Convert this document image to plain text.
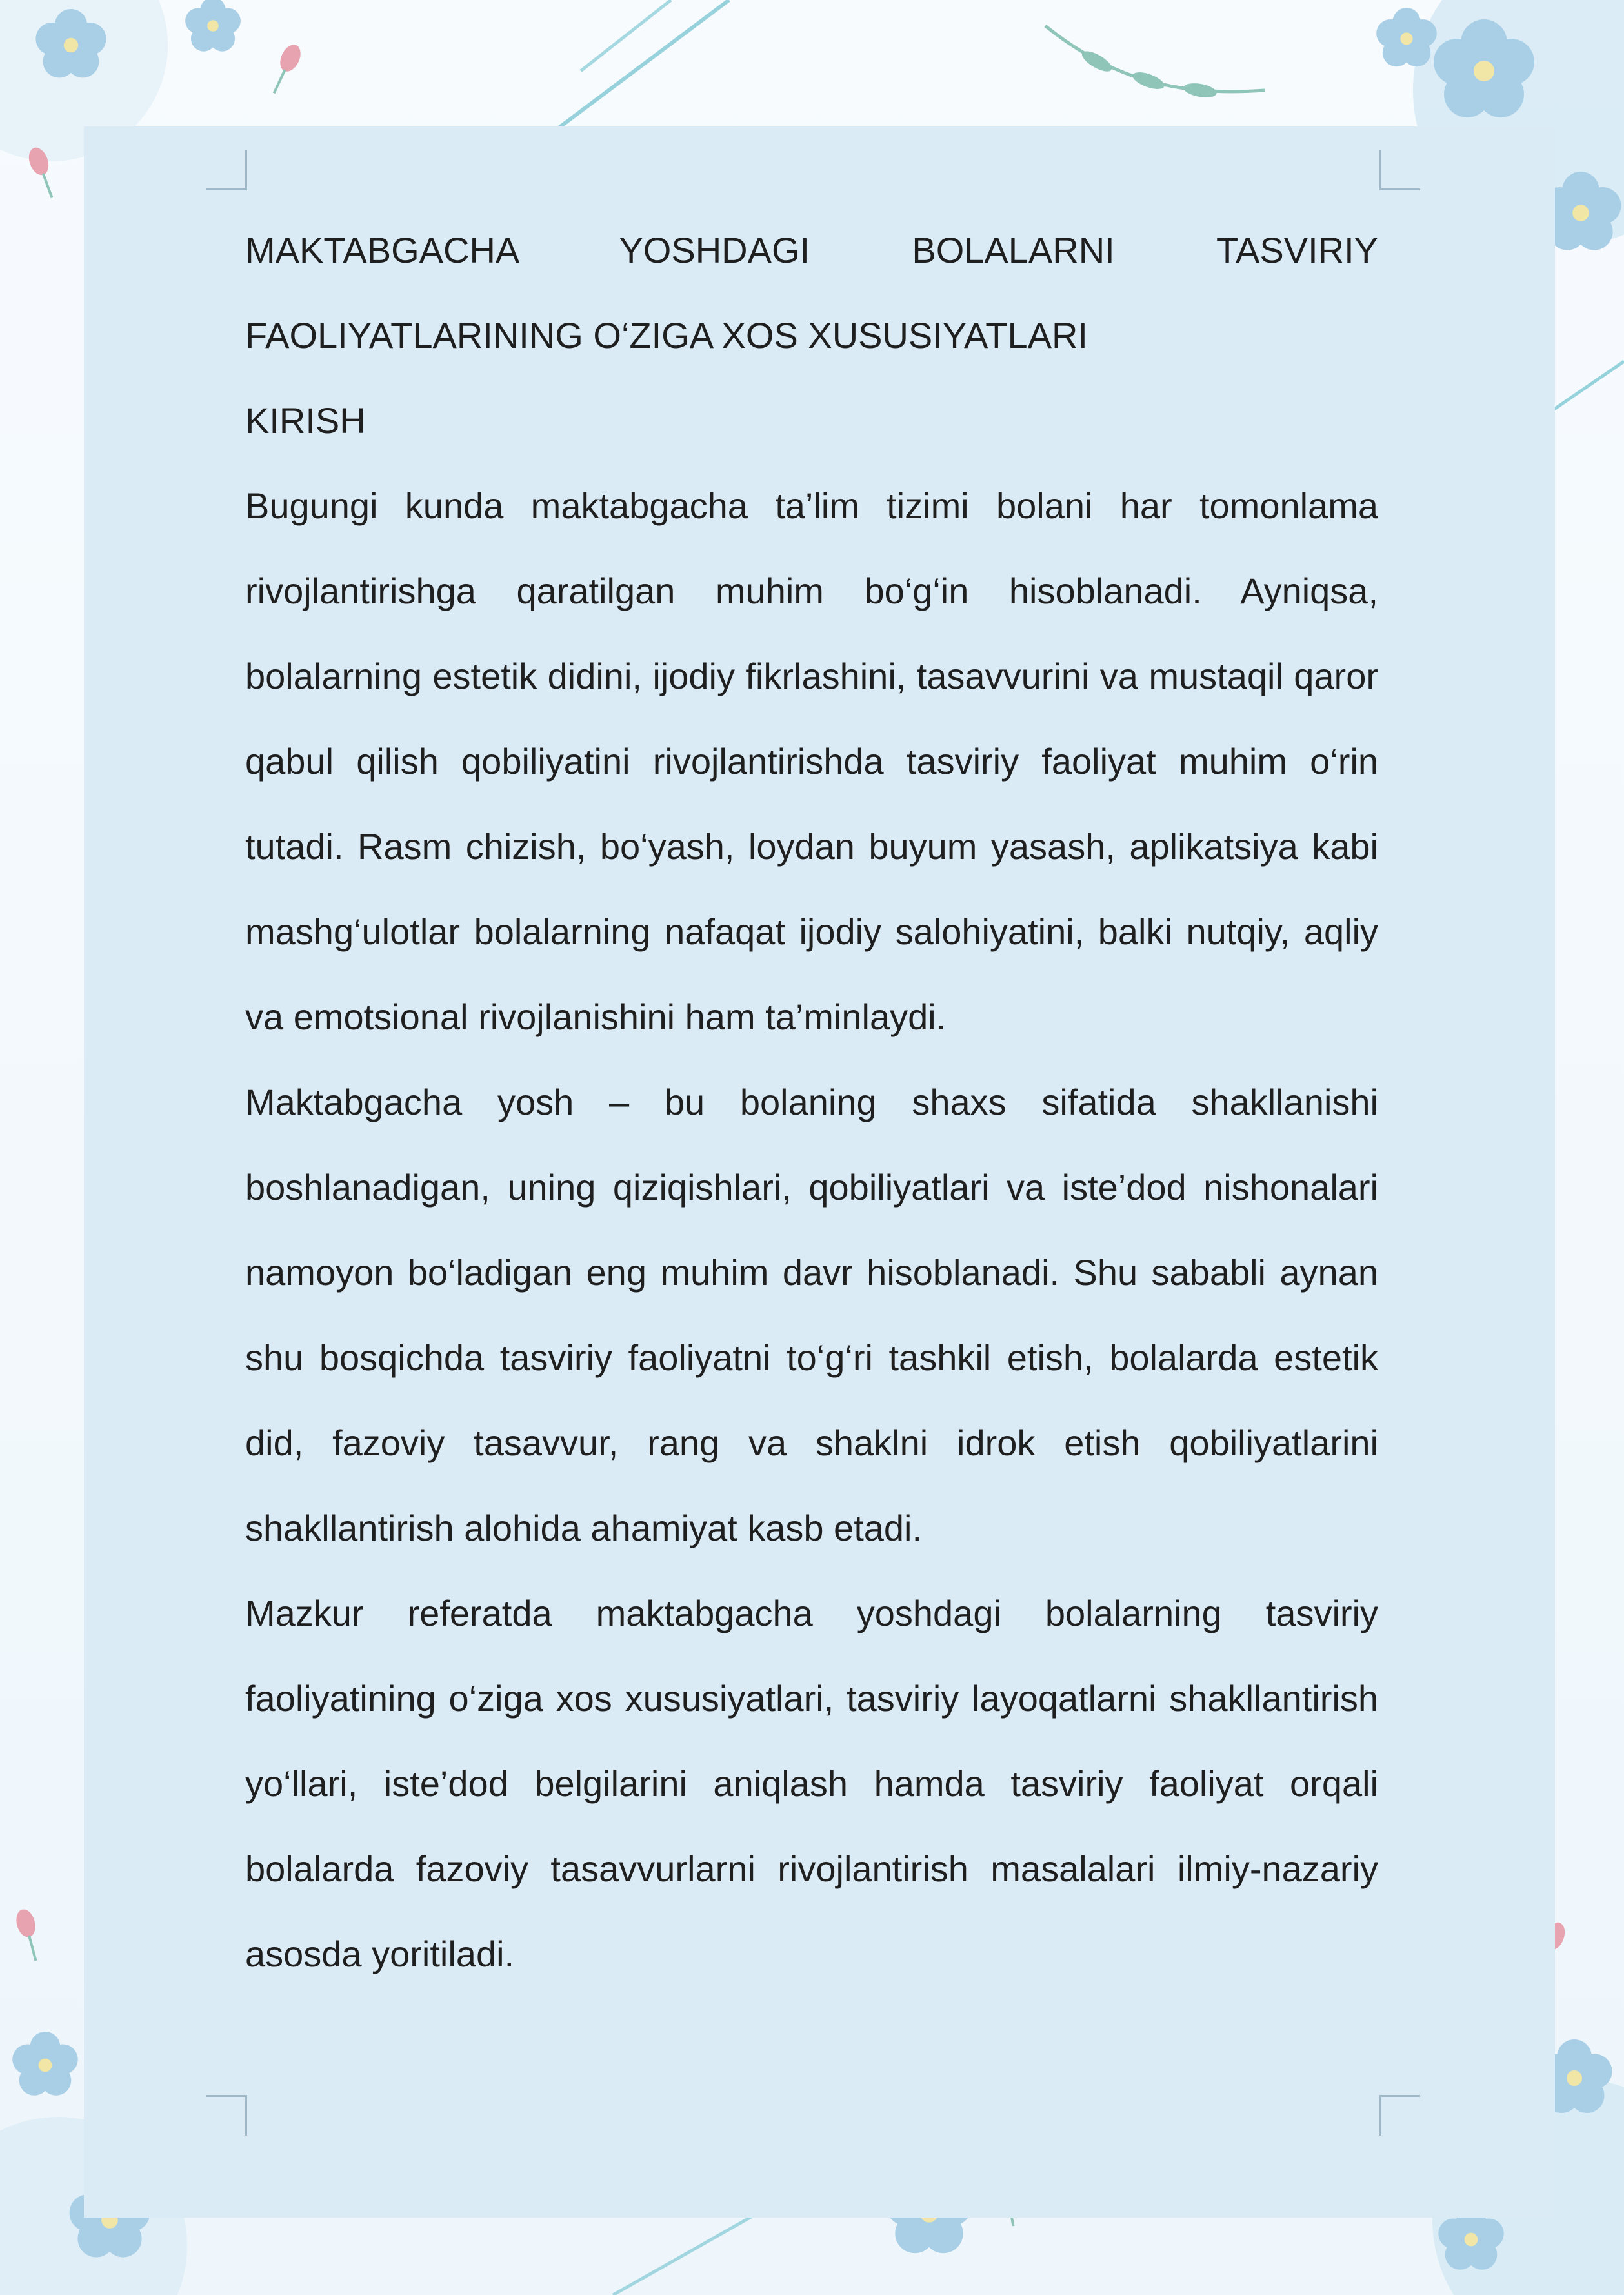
MAKTABGACHA YOSHDAGI BOLALARNI TASVIRIY

FAOLIYATLARINING O‘ZIGA XOS XUSUSIYATLARI

KIRISH

Bugungi kunda maktabgacha ta’lim tizimi bolani har tomonlama rivojlantirishga qaratilgan muhim bo‘g‘in hisoblanadi. Ayniqsa, bolalarning estetik didini, ijodiy fikrlashini, tasavvurini va mustaqil qaror qabul qilish qobiliyatini rivojlantirishda tasviriy faoliyat muhim o‘rin tutadi. Rasm chizish, bo‘yash, loydan buyum yasash, aplikatsiya kabi mashg‘ulotlar bolalarning nafaqat ijodiy salohiyatini, balki nutqiy, aqliy va emotsional rivojlanishini ham ta’minlaydi.

Maktabgacha yosh – bu bolaning shaxs sifatida shakllanishi boshlanadigan, uning qiziqishlari, qobiliyatlari va iste’dod nishonalari namoyon bo‘ladigan eng muhim davr hisoblanadi. Shu sababli aynan shu bosqichda tasviriy faoliyatni to‘g‘ri tashkil etish, bolalarda estetik did, fazoviy tasavvur, rang va shaklni idrok etish qobiliyatlarini shakllantirish alohida ahamiyat kasb etadi.

Mazkur referatda maktabgacha yoshdagi bolalarning tasviriy faoliyatining o‘ziga xos xususiyatlari, tasviriy layoqatlarni shakllantirish yo‘llari, iste’dod belgilarini aniqlash hamda tasviriy faoliyat orqali bolalarda fazoviy tasavvurlarni rivojlantirish masalalari ilmiy-nazariy asosda yoritiladi.
